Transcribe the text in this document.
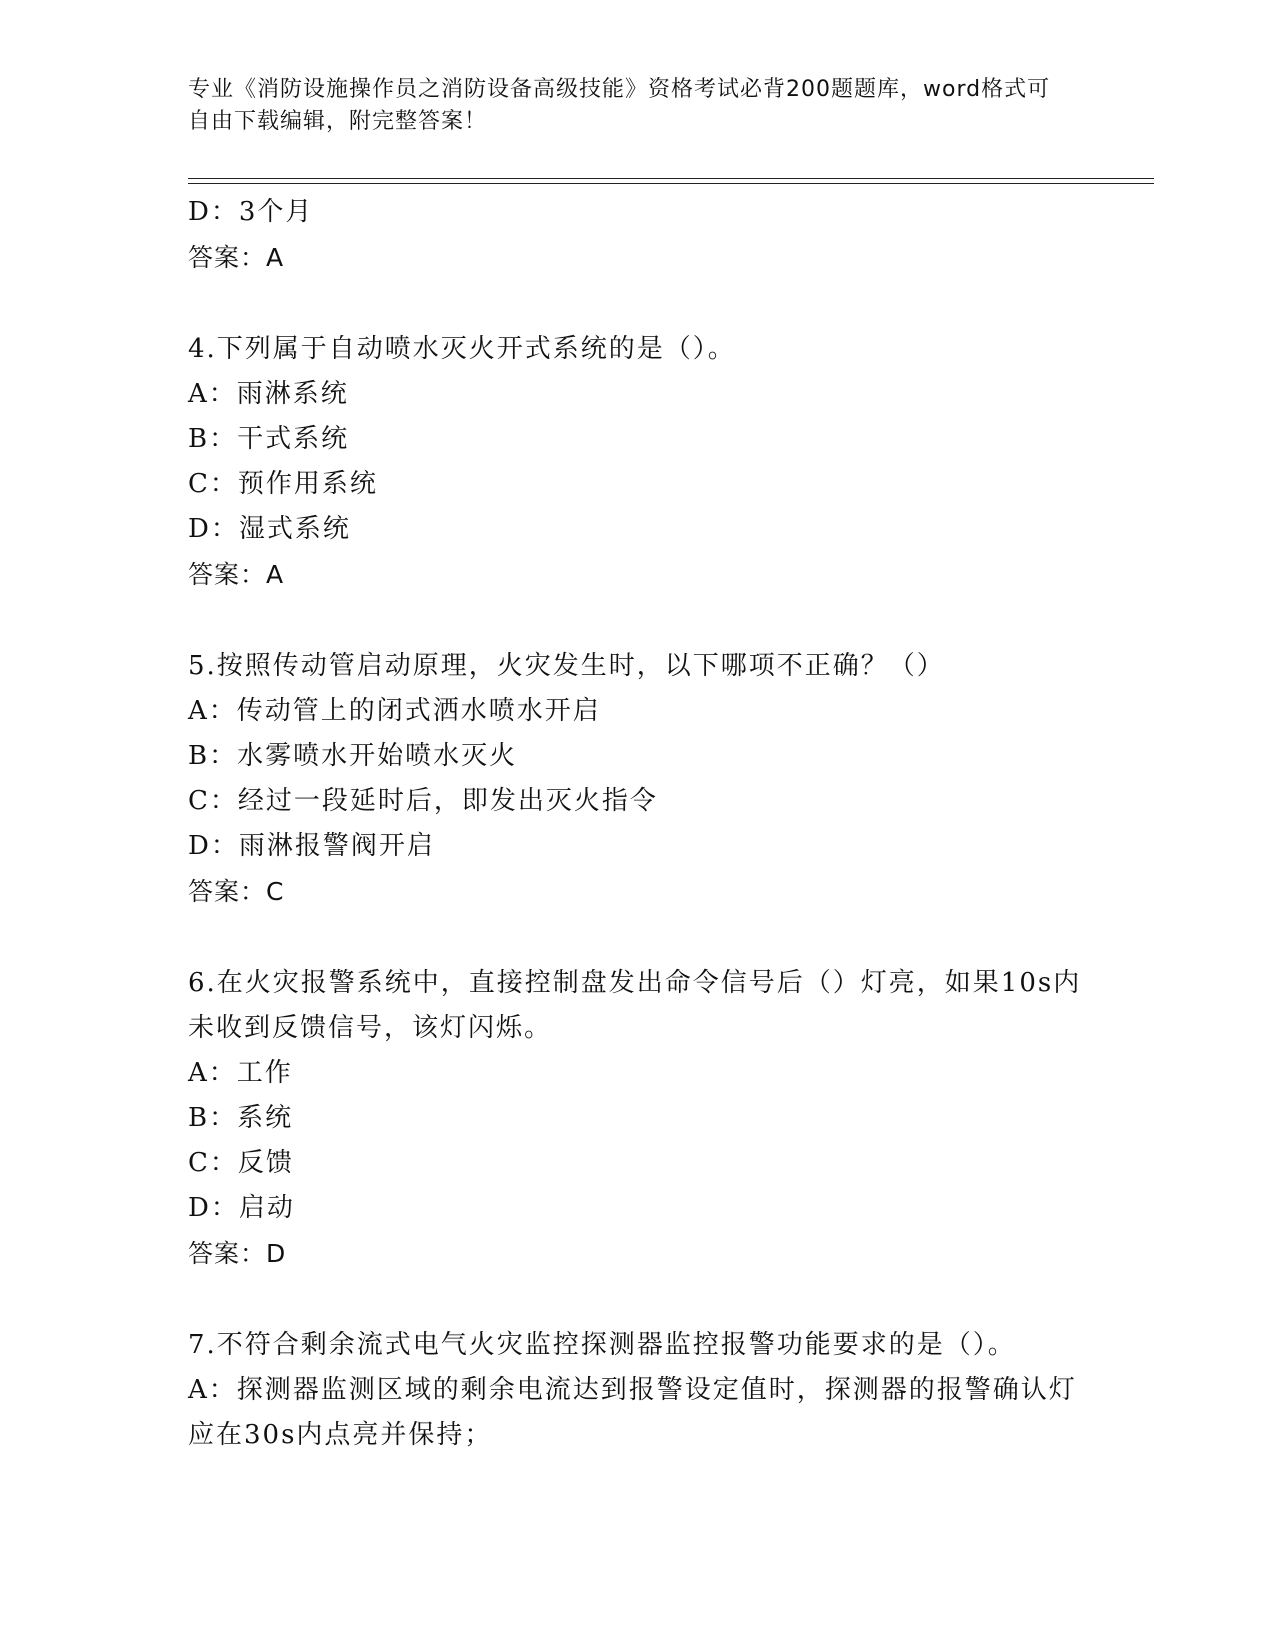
专业《消防设施操作员之消防设备高级技能》资格考试必背200题题库，word格式可自由下载编辑，附完整答案！
D：3个月
答案：A
4.下列属于自动喷水灭火开式系统的是（）。
A：雨淋系统
B：干式系统
C：预作用系统
D：湿式系统
答案：A
5.按照传动管启动原理，火灾发生时，以下哪项不正确？（）
A：传动管上的闭式洒水喷水开启
B：水雾喷水开始喷水灭火
C：经过一段延时后，即发出灭火指令
D：雨淋报警阀开启
答案：C
6.在火灾报警系统中，直接控制盘发出命令信号后（）灯亮，如果10s内未收到反馈信号，该灯闪烁。
A：工作
B：系统
C：反馈
D：启动
答案：D
7.不符合剩余流式电气火灾监控探测器监控报警功能要求的是（）。
A：探测器监测区域的剩余电流达到报警设定值时，探测器的报警确认灯应在30s内点亮并保持；
